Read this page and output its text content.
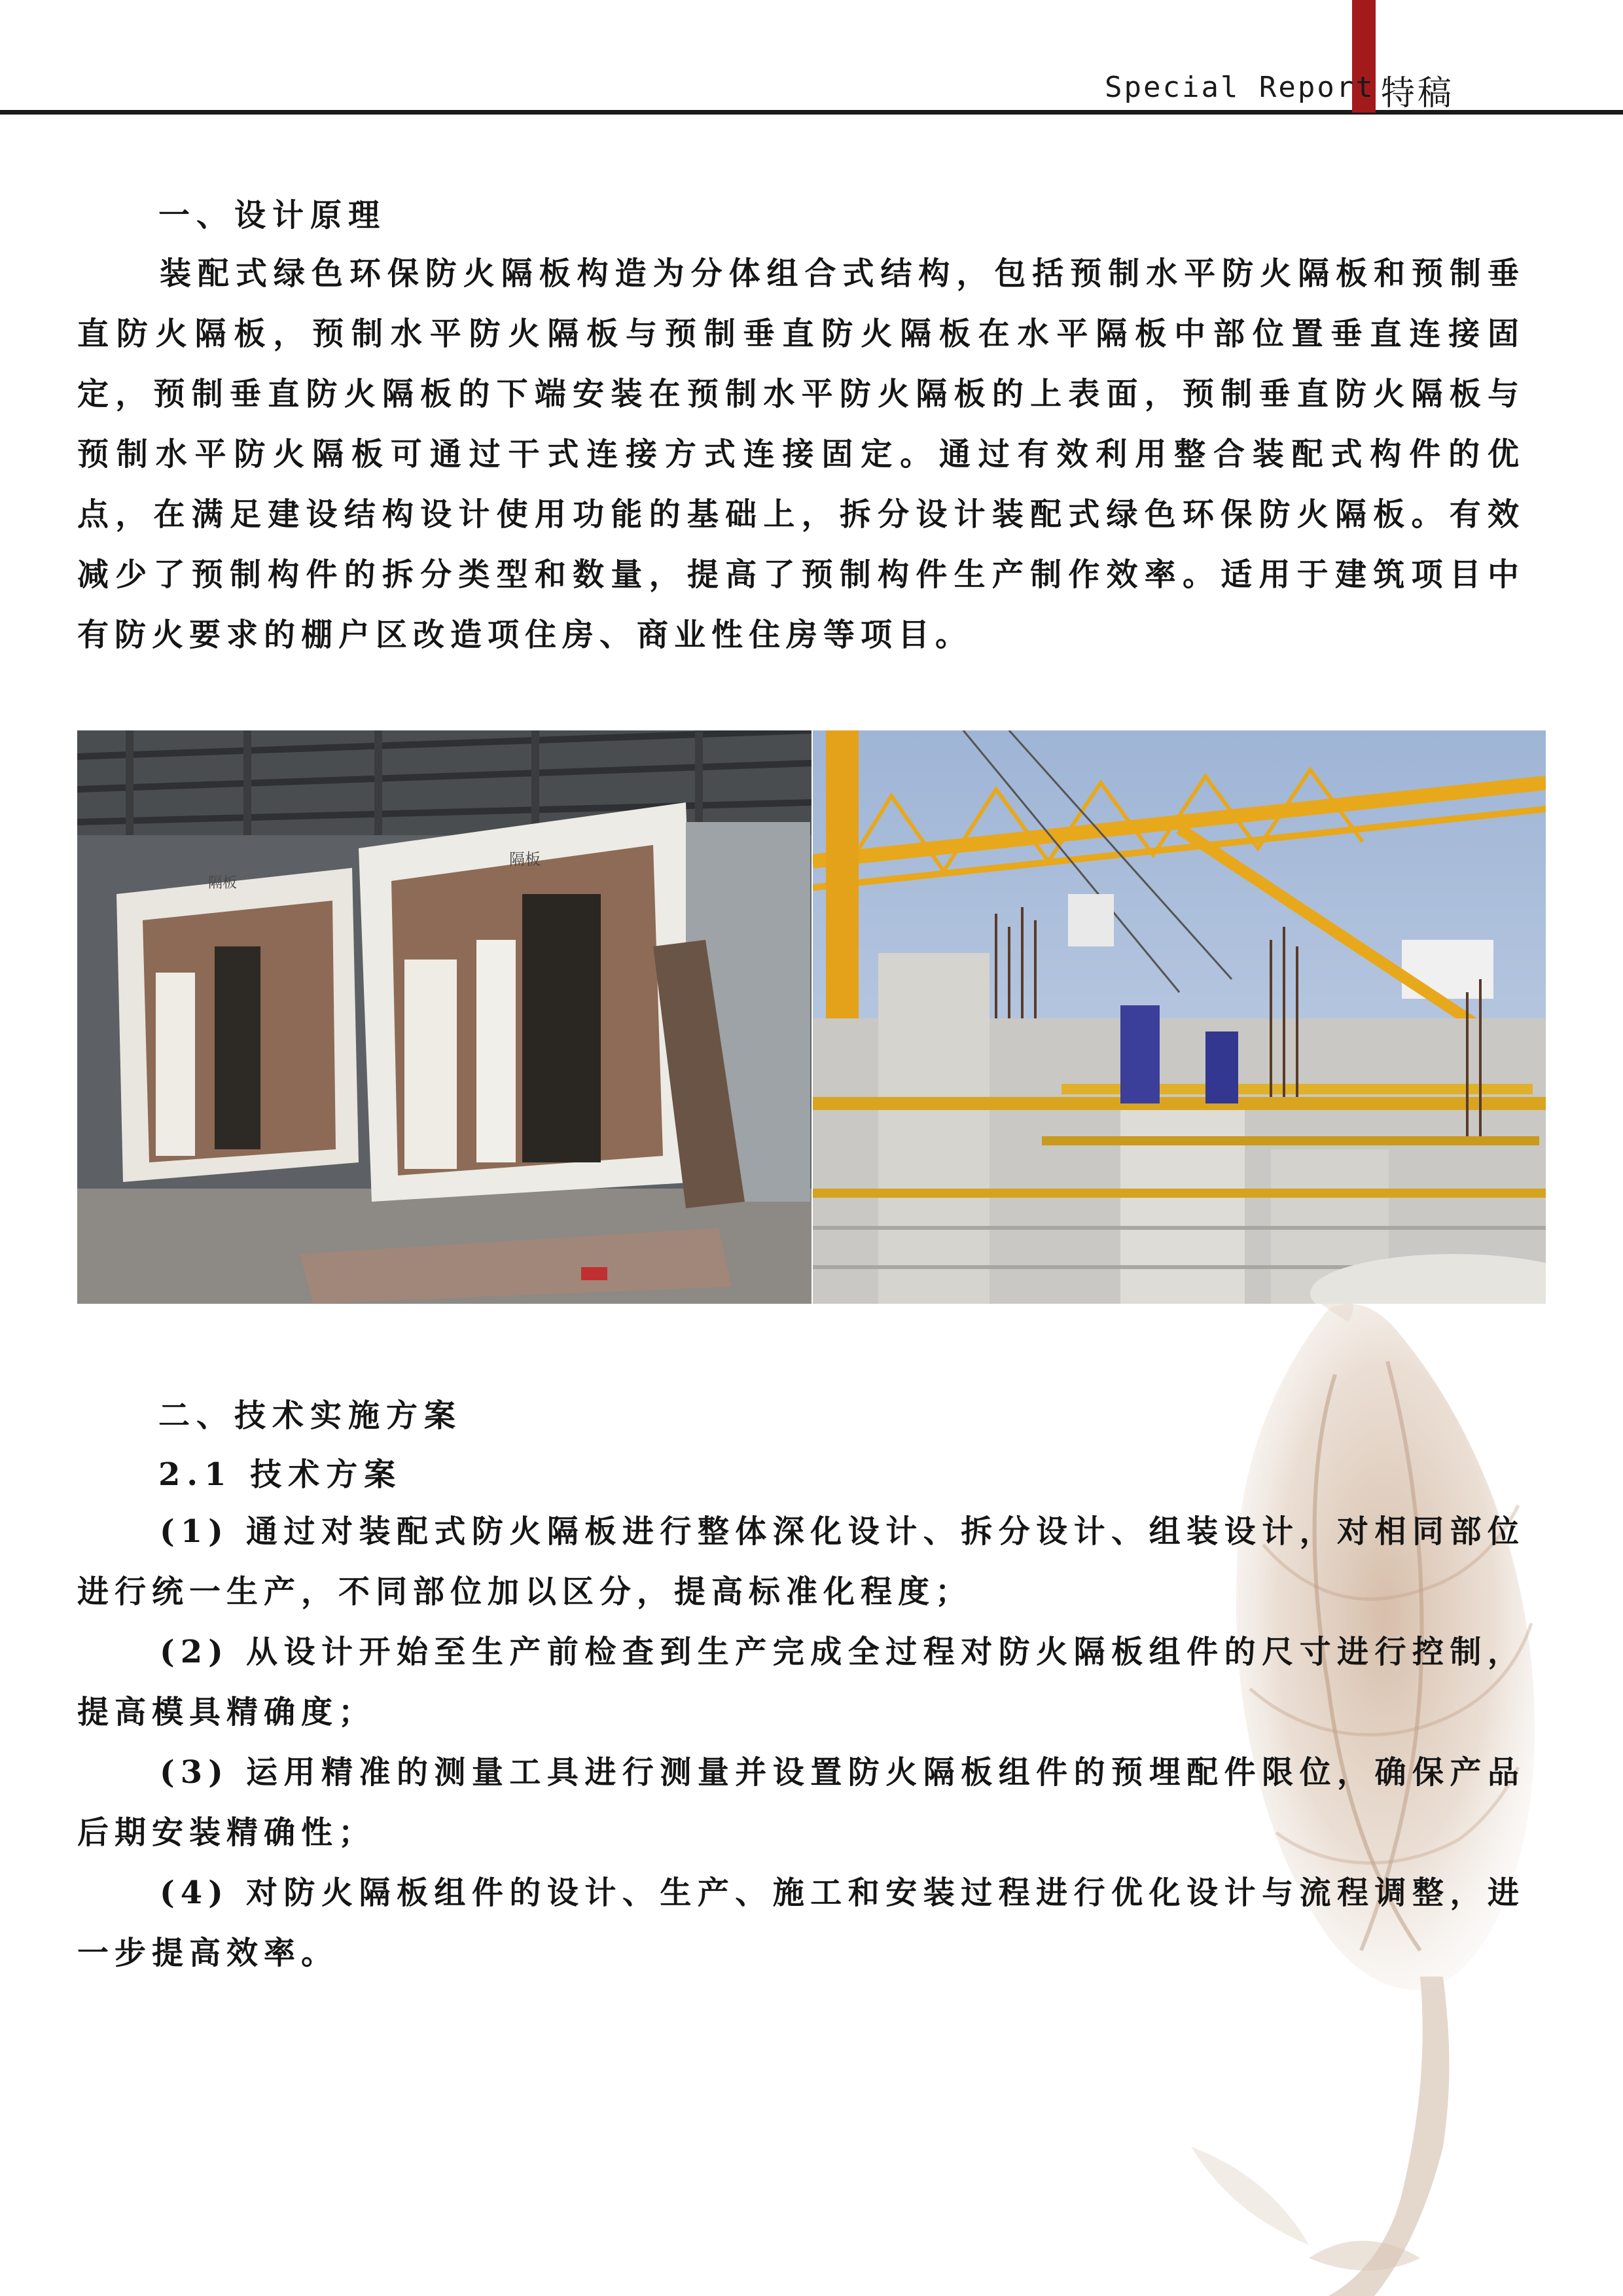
Special Report 特稿
一、设计原理

装配式绿色环保防火隔板构造为分体组合式结构，包括预制水平防火隔板和预制垂直防火隔板，预制水平防火隔板与预制垂直防火隔板在水平隔板中部位置垂直连接固定，预制垂直防火隔板的下端安装在预制水平防火隔板的上表面，预制垂直防火隔板与预制水平防火隔板可通过干式连接方式连接固定。通过有效利用整合装配式构件的优点，在满足建设结构设计使用功能的基础上，拆分设计装配式绿色环保防火隔板。有效减少了预制构件的拆分类型和数量，提高了预制构件生产制作效率。适用于建筑项目中有防火要求的棚户区改造项住房、商业性住房等项目。

隔板
隔板
二、技术实施方案
2.1 技术方案

(1) 通过对装配式防火隔板进行整体深化设计、拆分设计、组装设计，对相同部位进行统一生产，不同部位加以区分，提高标准化程度；

(2) 从设计开始至生产前检查到生产完成全过程对防火隔板组件的尺寸进行控制，提高模具精确度；

(3) 运用精准的测量工具进行测量并设置防火隔板组件的预埋配件限位，确保产品后期安装精确性；

(4) 对防火隔板组件的设计、生产、施工和安装过程进行优化设计与流程调整，进一步提高效率。
